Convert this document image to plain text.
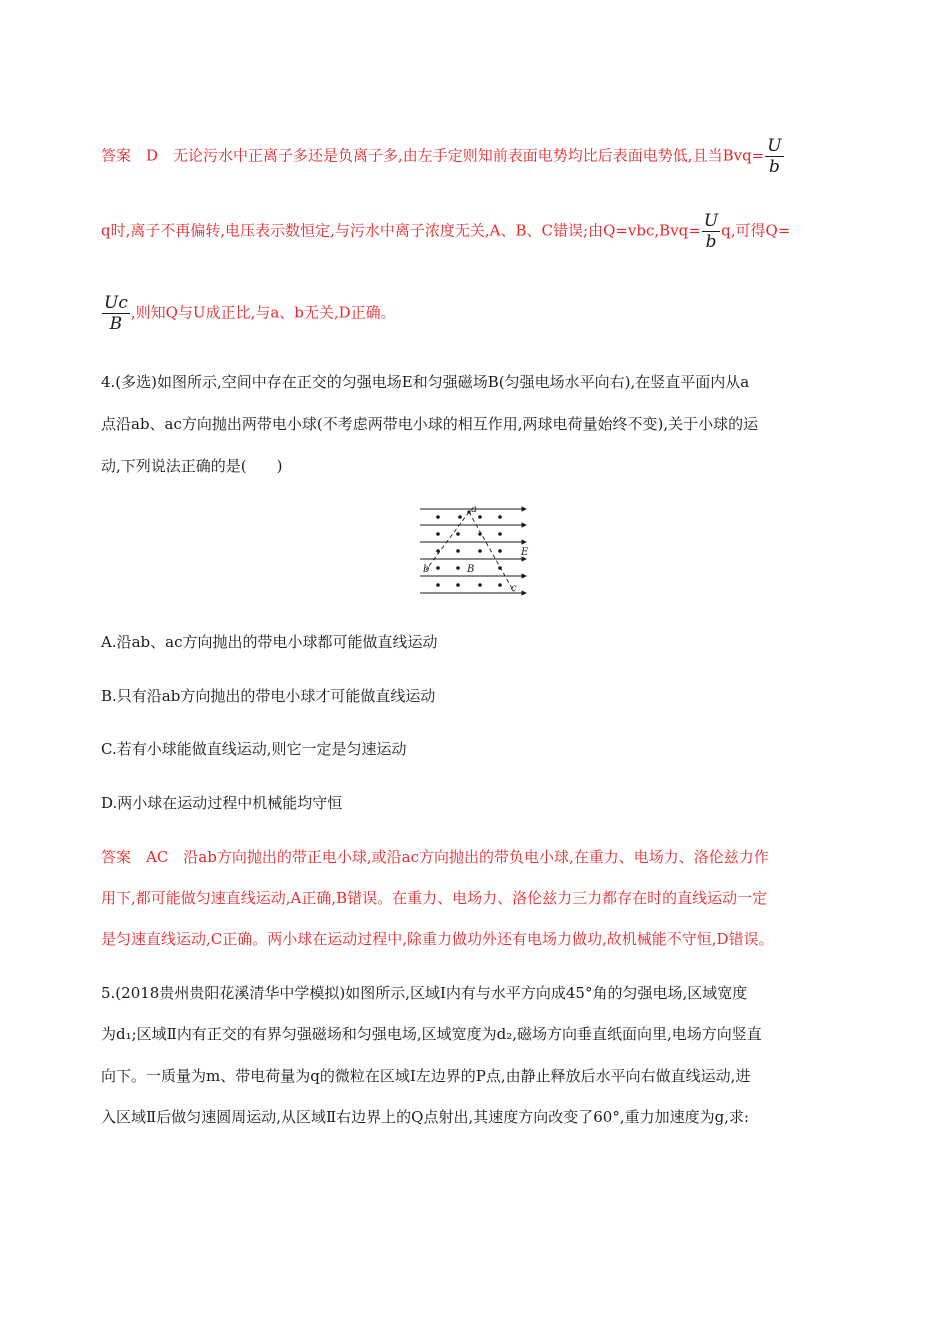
答案　D　无论污水中正离子多还是负离子多,由左手定则知前表面电势均比后表面电势低,且当$Bvq= \frac{U}{b}$
q时,离子不再偏转,电压表示数恒定,与污水中离子浓度无关,A、B、C错误;由$Q=vbc,Bvq= \frac{U}{b} q$,可得Q=
$\frac{Uc}{B}$ ,则知Q与U成正比,与a、b无关,D正确。
4.(多选)如图所示,空间中存在正交的匀强电场E和匀强磁场B(匀强电场水平向右),在竖直平面内从a
点沿ab、ac方向抛出两带电小球(不考虑两带电小球的相互作用,两球电荷量始终不变),关于小球的运
动,下列说法正确的是(　　)
a
b
c
E
B
A.沿ab、ac方向抛出的带电小球都可能做直线运动
B.只有沿ab方向抛出的带电小球才可能做直线运动
C.若有小球能做直线运动,则它一定是匀速运动
D.两小球在运动过程中机械能均守恒
答案　AC　沿ab方向抛出的带正电小球,或沿ac方向抛出的带负电小球,在重力、电场力、洛伦兹力作
用下,都可能做匀速直线运动,A正确,B错误。在重力、电场力、洛伦兹力三力都存在时的直线运动一定
是匀速直线运动,C正确。两小球在运动过程中,除重力做功外还有电场力做功,故机械能不守恒,D错误。
5.(2018贵州贵阳花溪清华中学模拟)如图所示,区域Ⅰ内有与水平方向成45°角的匀强电场,区域宽度
为d₁;区域Ⅱ内有正交的有界匀强磁场和匀强电场,区域宽度为d₂,磁场方向垂直纸面向里,电场方向竖直
向下。一质量为m、带电荷量为q的微粒在区域Ⅰ左边界的P点,由静止释放后水平向右做直线运动,进
入区域Ⅱ后做匀速圆周运动,从区域Ⅱ右边界上的Q点射出,其速度方向改变了60°,重力加速度为g,求:
